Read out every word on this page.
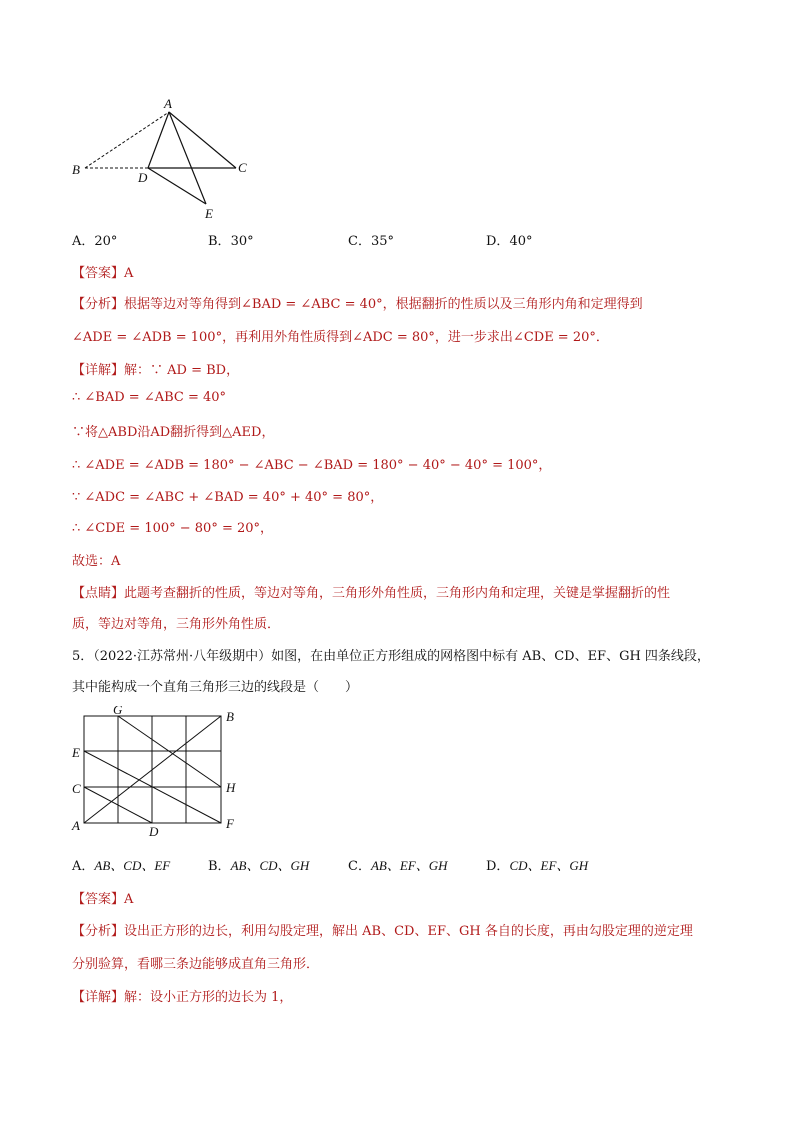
A
B	C
D
E
A．20°	B．30°	C．35°	D．40°
【答案】A
【分析】根据等边对等角得到∠BAD = ∠ABC = 40°，根据翻折的性质以及三角形内角和定理得到
∠ADE = ∠ADB = 100°，再利用外角性质得到∠ADC = 80°，进一步求出∠CDE = 20°．
【详解】解：∵ AD = BD，
∴ ∠BAD = ∠ABC = 40°
∵将△ABD沿AD翻折得到△AED，
∴ ∠ADE = ∠ADB = 180° − ∠ABC − ∠BAD = 180° − 40° − 40° = 100°，
∵ ∠ADC = ∠ABC + ∠BAD = 40° + 40° = 80°，
∴ ∠CDE = 100° − 80° = 20°，
故选：A
【点睛】此题考查翻折的性质，等边对等角，三角形外角性质，三角形内角和定理，关键是掌握翻折的性
质，等边对等角，三角形外角性质．
5．（2022·江苏常州·八年级期中）如图，在由单位正方形组成的网格图中标有 AB、CD、EF、GH 四条线段，
其中能构成一个直角三角形三边的线段是（　　）
G	B
E
C	H
A	D
F
A．AB、CD、EF	B．AB、CD、GH	C．AB、EF、GH	D．CD、EF、GH
【答案】A
【分析】设出正方形的边长，利用勾股定理，解出 AB、CD、EF、GH 各自的长度，再由勾股定理的逆定理
分别验算，看哪三条边能够成直角三角形．
【详解】解：设小正方形的边长为 1，
